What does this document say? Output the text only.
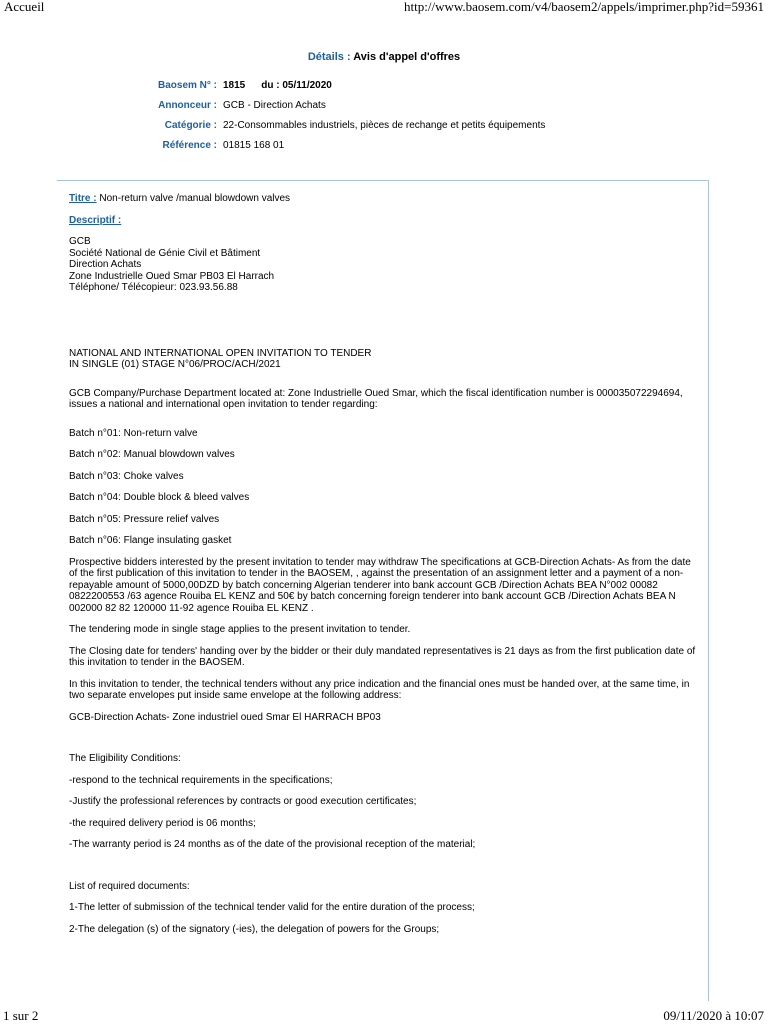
Accueil	http://www.baosem.com/v4/baosem2/appels/imprimer.php?id=59361
Détails : Avis d'appel d'offres
Baosem N° : 1815 du : 05/11/2020
Annonceur : GCB - Direction Achats
Catégorie : 22-Consommables industriels, pièces de rechange et petits équipements
Référence : 01815 168 01

Titre : Non-return valve /manual blowdown valves

Descriptif :

GCB

Société National de Génie Civil et Bâtiment

Direction Achats

Zone Industrielle Oued Smar PB03 El Harrach

Téléphone/ Télécopieur: 023.93.56.88

NATIONAL AND INTERNATIONAL OPEN INVITATION TO TENDER

IN SINGLE (01) STAGE N°06/PROC/ACH/2021

GCB Company/Purchase Department located at: Zone Industrielle Oued Smar, which the fiscal identification number is 000035072294694, issues a national and international open invitation to tender regarding:

Batch n°01: Non-return valve

Batch n°02: Manual blowdown valves

Batch n°03: Choke valves

Batch n°04: Double block & bleed valves

Batch n°05: Pressure relief valves

Batch n°06: Flange insulating gasket

Prospective bidders interested by the present invitation to tender may withdraw The specifications at GCB-Direction Achats- As from the date of the first publication of this invitation to tender in the BAOSEM, , against the presentation of an assignment letter and a payment of a non-repayable amount of 5000,00DZD by batch concerning Algerian tenderer into bank account GCB /Direction Achats BEA N°002 00082 0822200553 /63 agence Rouiba EL KENZ and 50€ by batch concerning foreign tenderer into bank account GCB /Direction Achats BEA N 002000 82 82 120000 11-92 agence Rouiba EL KENZ .

The tendering mode in single stage applies to the present invitation to tender.

The Closing date for tenders' handing over by the bidder or their duly mandated representatives is 21 days as from the first publication date of this invitation to tender in the BAOSEM.

In this invitation to tender, the technical tenders without any price indication and the financial ones must be handed over, at the same time, in two separate envelopes put inside same envelope at the following address:

GCB-Direction Achats- Zone industriel oued Smar El HARRACH BP03

The Eligibility Conditions:

-respond to the technical requirements in the specifications;

-Justify the professional references by contracts or good execution certificates;

-the required delivery period is 06 months;

-The warranty period is 24 months as of the date of the provisional reception of the material;

List of required documents:

1-The letter of submission of the technical tender valid for the entire duration of the process;

2-The delegation (s) of the signatory (-ies), the delegation of powers for the Groups;

1 sur 2	09/11/2020 à 10:07
